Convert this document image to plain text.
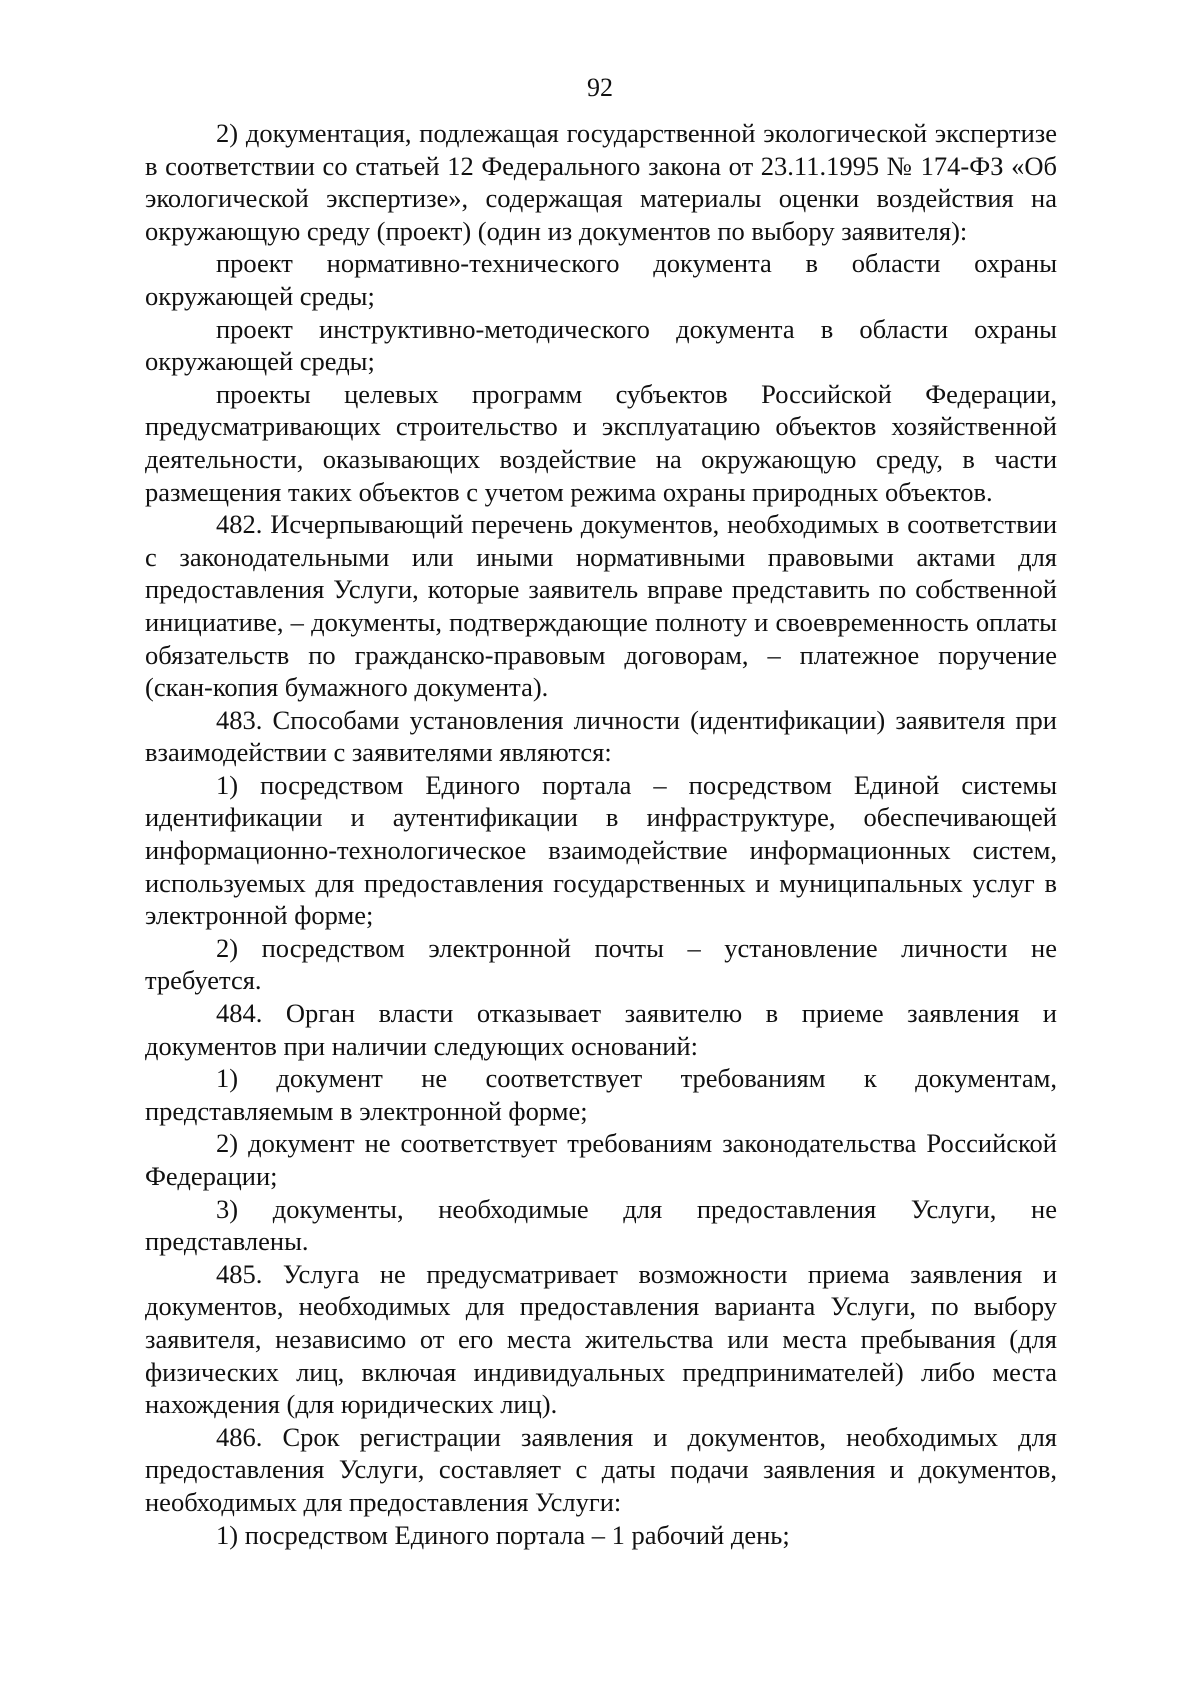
92

2) документация, подлежащая государственной экологической экспертизе в соответствии со статьей 12 Федерального закона от 23.11.1995 № 174-ФЗ «Об экологической экспертизе», содержащая материалы оценки воздействия на окружающую среду (проект) (один из документов по выбору заявителя):

проект нормативно-технического документа в области охраны окружающей среды;

проект инструктивно-методического документа в области охраны окружающей среды;

проекты целевых программ субъектов Российской Федерации, предусматривающих строительство и эксплуатацию объектов хозяйственной деятельности, оказывающих воздействие на окружающую среду, в части размещения таких объектов с учетом режима охраны природных объектов.

482. Исчерпывающий перечень документов, необходимых в соответствии с законодательными или иными нормативными правовыми актами для предоставления Услуги, которые заявитель вправе представить по собственной инициативе, – документы, подтверждающие полноту и своевременность оплаты обязательств по гражданско-правовым договорам, – платежное поручение (скан-копия бумажного документа).

483. Способами установления личности (идентификации) заявителя при взаимодействии с заявителями являются:

1) посредством Единого портала – посредством Единой системы идентификации и аутентификации в инфраструктуре, обеспечивающей информационно-технологическое взаимодействие информационных систем, используемых для предоставления государственных и муниципальных услуг в электронной форме;

2) посредством электронной почты – установление личности не требуется.

484. Орган власти отказывает заявителю в приеме заявления и документов при наличии следующих оснований:

1) документ не соответствует требованиям к документам, представляемым в электронной форме;

2) документ не соответствует требованиям законодательства Российской Федерации;

3) документы, необходимые для предоставления Услуги, не представлены.

485. Услуга не предусматривает возможности приема заявления и документов, необходимых для предоставления варианта Услуги, по выбору заявителя, независимо от его места жительства или места пребывания (для физических лиц, включая индивидуальных предпринимателей) либо места нахождения (для юридических лиц).

486. Срок регистрации заявления и документов, необходимых для предоставления Услуги, составляет с даты подачи заявления и документов, необходимых для предоставления Услуги:

1) посредством Единого портала – 1 рабочий день;
